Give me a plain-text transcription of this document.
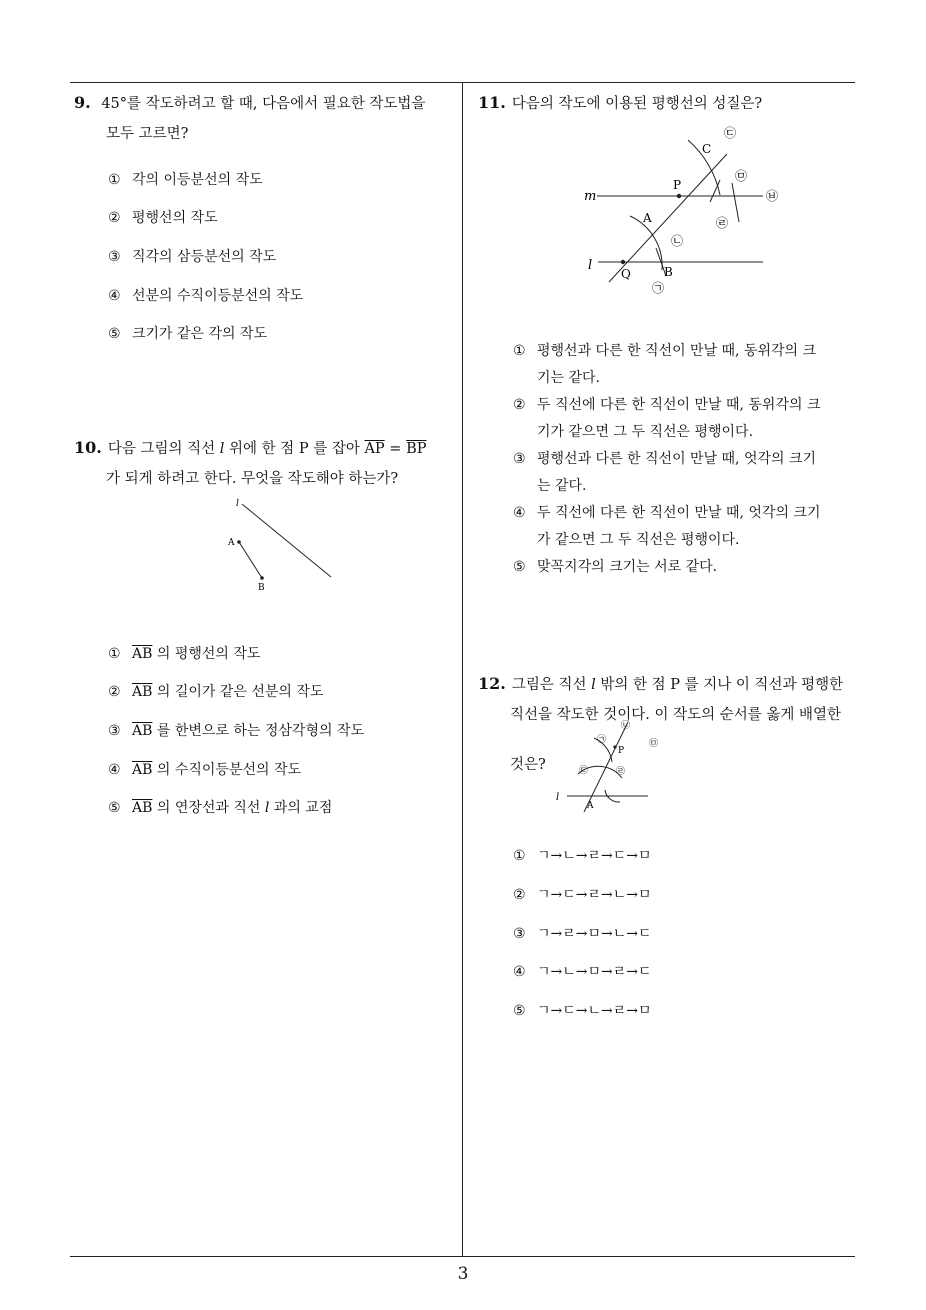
9. 45°를 작도하려고 할 때, 다음에서 필요한 작도법을
모두 고르면?
① 각의 이등분선의 작도
② 평행선의 작도
③ 직각의 삼등분선의 작도
④ 선분의 수직이등분선의 작도
⑤ 크기가 같은 각의 작도
10. 다음 그림의 직선 l 위에 한 점 P 를 잡아 $\overline{AP} = \overline{BP}$
가 되게 하려고 한다. 무엇을 작도해야 하는가?
l
A
B
① $\overline{AB}$ 의 평행선의 작도
② $\overline{AB}$ 의 길이가 같은 선분의 작도
③ $\overline{AB}$ 를 한변으로 하는 정삼각형의 작도
④ $\overline{AB}$ 의 수직이등분선의 작도
⑤ $\overline{AB}$ 의 연장선과 직선 l 과의 교점
11. 다음의 작도에 이용된 평행선의 성질은?
m
l
C
P
A
Q	B
㉠
㉡
㉢
㉣
㉤
㉥
① 평행선과 다른 한 직선이 만날 때, 동위각의 크
기는 같다.
② 두 직선에 다른 한 직선이 만날 때, 동위각의 크
기가 같으면 그 두 직선은 평행이다.
③ 평행선과 다른 한 직선이 만날 때, 엇각의 크기
는 같다.
④ 두 직선에 다른 한 직선이 만날 때, 엇각의 크기
가 같으면 그 두 직선은 평행이다.
⑤ 맞꼭지각의 크기는 서로 같다.
12. 그림은 직선 l 밖의 한 점 P 를 지나 이 직선과 평행한
직선을 작도한 것이다. 이 작도의 순서를 옳게 배열한
것은?
l
P
A
㉠
㉡
㉢	㉣
㉤
① ㄱ→ㄴ→ㄹ→ㄷ→ㅁ
② ㄱ→ㄷ→ㄹ→ㄴ→ㅁ
③ ㄱ→ㄹ→ㅁ→ㄴ→ㄷ
④ ㄱ→ㄴ→ㅁ→ㄹ→ㄷ
⑤ ㄱ→ㄷ→ㄴ→ㄹ→ㅁ
3
